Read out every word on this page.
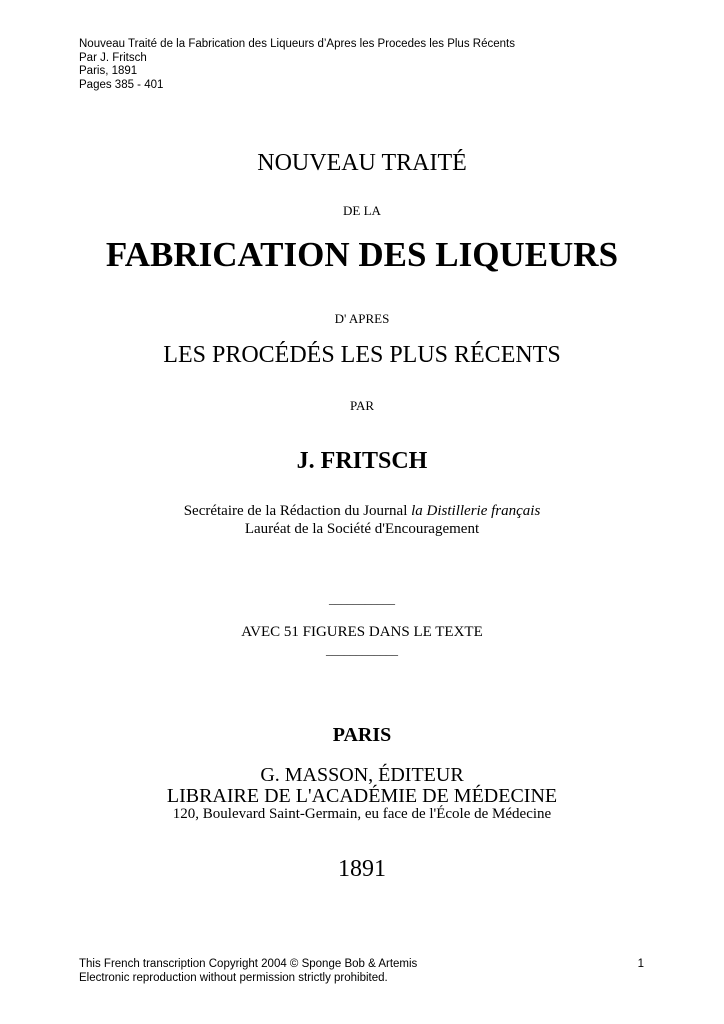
Nouveau Traité de la Fabrication des Liqueurs d’Apres les Procedes les Plus Récents
Par J. Fritsch
Paris, 1891
Pages 385 - 401
NOUVEAU TRAITÉ
DE LA
FABRICATION DES LIQUEURS
D' APRES
LES PROCÉDÉS LES PLUS RÉCENTS
PAR
J. FRITSCH
Secrétaire de la Rédaction du Journal la Distillerie français
Lauréat de la Société d'Encouragement
___________
AVEC 51 FIGURES DANS LE TEXTE
____________
PARIS
G. MASSON, ÉDITEUR
LIBRAIRE DE L'ACADÉMIE DE MÉDECINE
120, Boulevard Saint-Germain, eu face de l'École de Médecine
1891
This French transcription Copyright 2004 © Sponge Bob & Artemis
Electronic reproduction without permission strictly prohibited.
1
